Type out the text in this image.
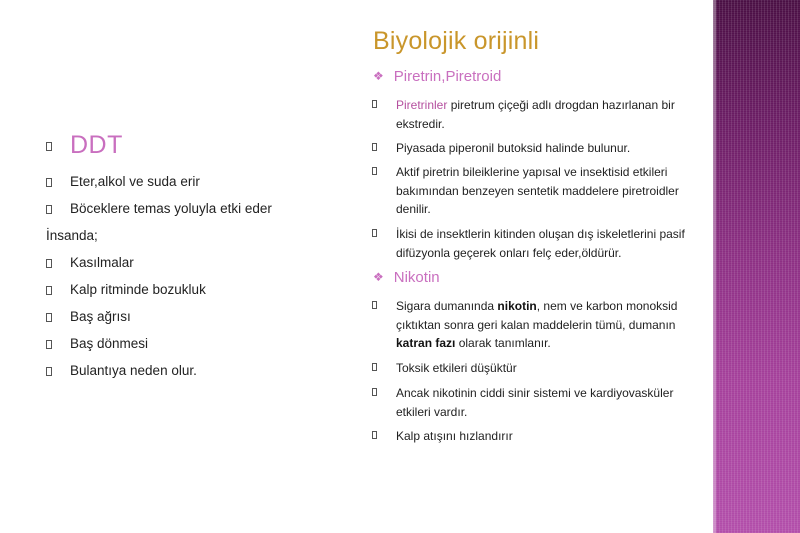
DDT
Eter,alkol ve suda erir
Böceklere temas yoluyla etki eder
İnsanda;
Kasılmalar
Kalp ritminde bozukluk
Baş ağrısı
Baş dönmesi
Bulantıya neden olur.
Biyolojik orijinli
❖ Piretrin,Piretroid
Piretrinler piretrum çiçeği adlı drogdan hazırlanan bir ekstredir.
Piyasada piperonil butoksid halinde bulunur.
Aktif piretrin bileiklerine yapısal ve insektisid etkileri bakımından benzeyen sentetik maddelere piretroidler denilir.
İkisi de insektlerin kitinden oluşan dış iskeletlerini pasif difüzyonla geçerek onları felç eder,öldürür.
❖ Nikotin
Sigara dumanında nikotin, nem ve karbon monoksid çıktıktan sonra geri kalan maddelerin tümü, dumanın katran fazı olarak tanımlanır.
Toksik etkileri düşüktür
Ancak nikotinin ciddi sinir sistemi ve kardiyovasküler etkileri vardır.
Kalp atışını hızlandırır
